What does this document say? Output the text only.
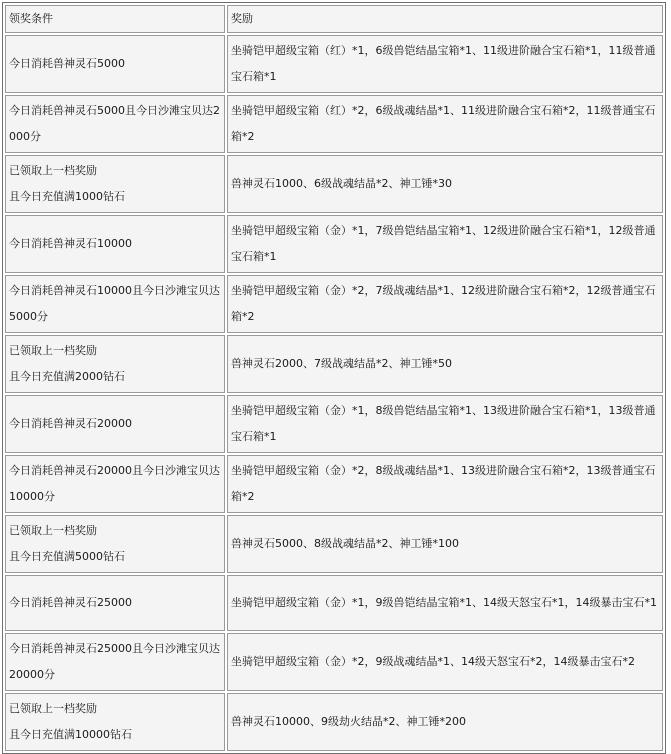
领奖条件	奖励

今日消耗兽神灵石5000	坐骑铠甲超级宝箱（红）*1，6级兽铠结晶宝箱*1、11级进阶融合宝石箱*1，11级普通宝石箱*1

今日消耗兽神灵石5000且今日沙滩宝贝达2000分	坐骑铠甲超级宝箱（红）*2，6级战魂结晶*1、11级进阶融合宝石箱*2，11级普通宝石箱*2

已领取上一档奖励
且今日充值满1000钻石	兽神灵石1000、6级战魂结晶*2、神工锤*30

今日消耗兽神灵石10000	坐骑铠甲超级宝箱（金）*1，7级兽铠结晶宝箱*1、12级进阶融合宝石箱*1，12级普通宝石箱*1

今日消耗兽神灵石10000且今日沙滩宝贝达5000分	坐骑铠甲超级宝箱（金）*2，7级战魂结晶*1、12级进阶融合宝石箱*2，12级普通宝石箱*2

已领取上一档奖励
且今日充值满2000钻石	兽神灵石2000、7级战魂结晶*2、神工锤*50

今日消耗兽神灵石20000	坐骑铠甲超级宝箱（金）*1，8级兽铠结晶宝箱*1、13级进阶融合宝石箱*1，13级普通宝石箱*1

今日消耗兽神灵石20000且今日沙滩宝贝达10000分	坐骑铠甲超级宝箱（金）*2，8级战魂结晶*1、13级进阶融合宝石箱*2，13级普通宝石箱*2

已领取上一档奖励
且今日充值满5000钻石	兽神灵石5000、8级战魂结晶*2、神工锤*100

今日消耗兽神灵石25000	坐骑铠甲超级宝箱（金）*1，9级兽铠结晶宝箱*1、14级天怒宝石*1，14级暴击宝石*1

今日消耗兽神灵石25000且今日沙滩宝贝达20000分	坐骑铠甲超级宝箱（金）*2，9级战魂结晶*1、14级天怒宝石*2，14级暴击宝石*2

已领取上一档奖励
且今日充值满10000钻石	兽神灵石10000、9级劫火结晶*2、神工锤*200
